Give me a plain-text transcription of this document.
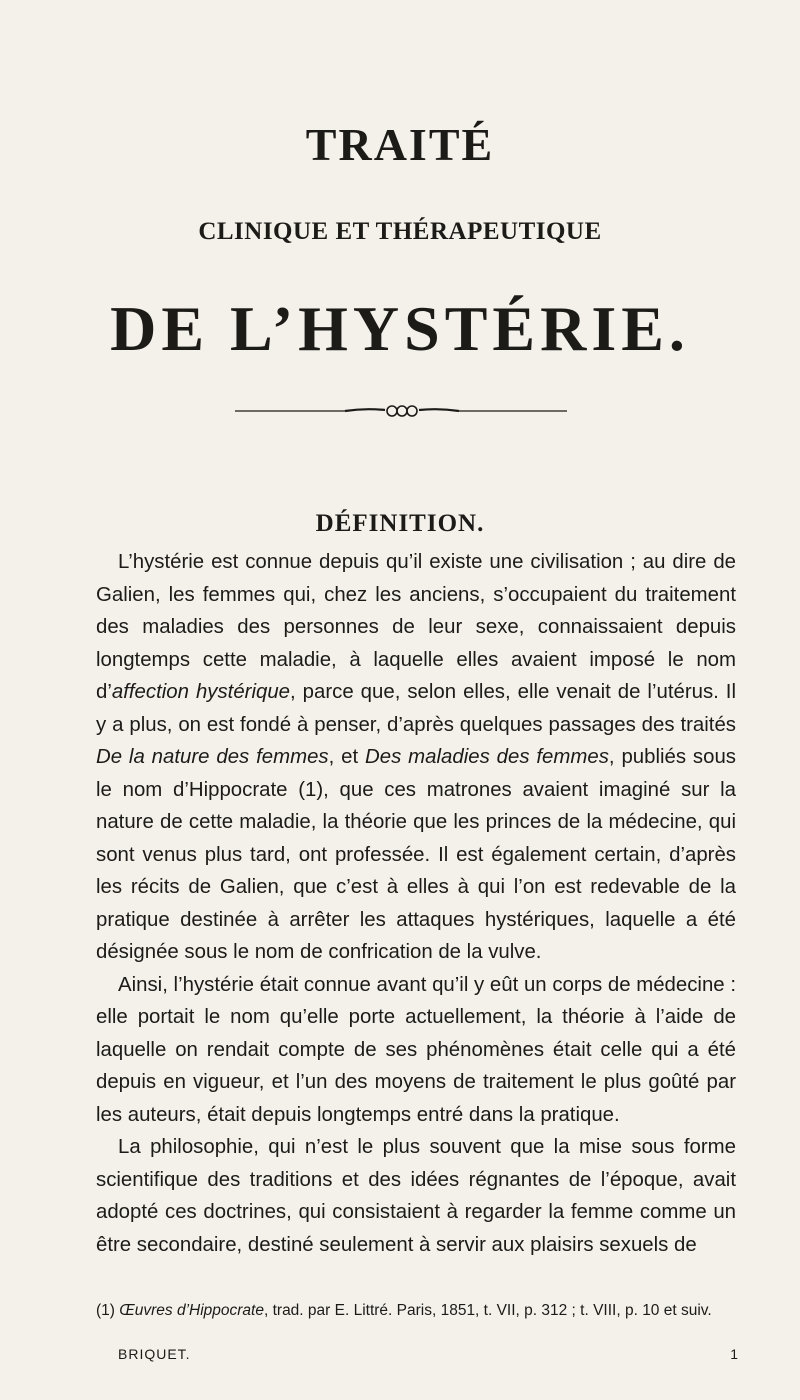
TRAITÉ
CLINIQUE ET THÉRAPEUTIQUE
DE L’HYSTÉRIE.
DÉFINITION.

L’hystérie est connue depuis qu’il existe une civilisation ; au dire de Galien, les femmes qui, chez les anciens, s’occupaient du traitement des maladies des personnes de leur sexe, connaissaient depuis longtemps cette maladie, à laquelle elles avaient imposé le nom d’affection hystérique, parce que, selon elles, elle venait de l’utérus. Il y a plus, on est fondé à penser, d’après quelques passages des traités De la nature des femmes, et Des maladies des femmes, publiés sous le nom d’Hippocrate (1), que ces matrones avaient imaginé sur la nature de cette maladie, la théorie que les princes de la médecine, qui sont venus plus tard, ont professée. Il est également certain, d’après les récits de Galien, que c’est à elles à qui l’on est redevable de la pratique destinée à arrêter les attaques hystériques, laquelle a été désignée sous le nom de confrication de la vulve.

Ainsi, l’hystérie était connue avant qu’il y eût un corps de médecine : elle portait le nom qu’elle porte actuellement, la théorie à l’aide de laquelle on rendait compte de ses phénomènes était celle qui a été depuis en vigueur, et l’un des moyens de traitement le plus goûté par les auteurs, était depuis longtemps entré dans la pratique.

La philosophie, qui n’est le plus souvent que la mise sous forme scientifique des traditions et des idées régnantes de l’époque, avait adopté ces doctrines, qui consistaient à regarder la femme comme un être secondaire, destiné seulement à servir aux plaisirs sexuels de

(1) Œuvres d’Hippocrate, trad. par E. Littré. Paris, 1851, t. VII, p. 312 ; t. VIII, p. 10 et suiv.
BRIQUET.	1
